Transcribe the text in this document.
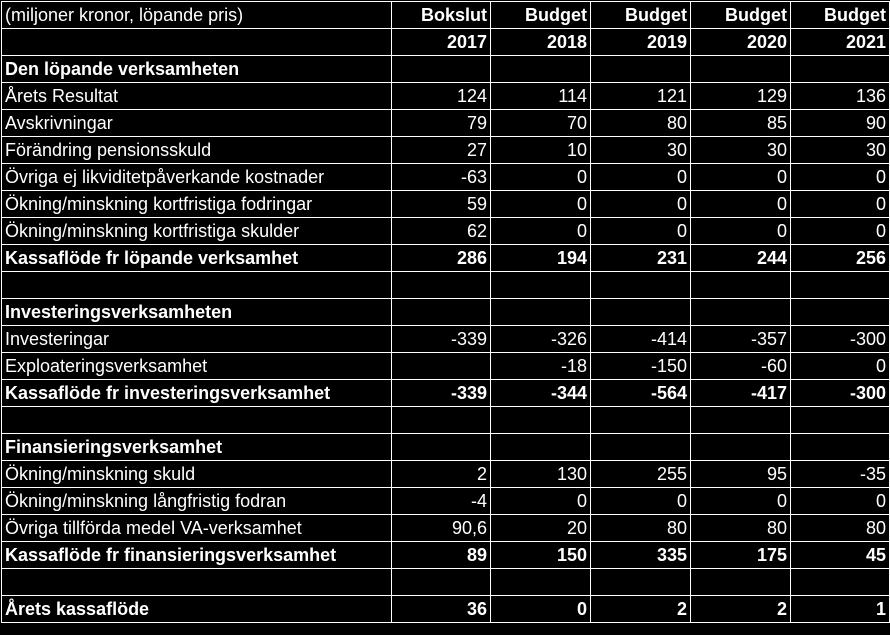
(miljoner kronor, löpande pris)	Bokslut	Budget	Budget	Budget	Budget
	2017	2018	2019	2020	2021
Den löpande verksamheten					
Årets Resultat	124	114	121	129	136
Avskrivningar	79	70	80	85	90
Förändring pensionsskuld	27	10	30	30	30
Övriga ej likviditetpåverkande kostnader	-63	0	0	0	0
Ökning/minskning kortfristiga fodringar	59	0	0	0	0
Ökning/minskning kortfristiga skulder	62	0	0	0	0
Kassaflöde fr löpande verksamhet	286	194	231	244	256

Investeringsverksamheten					
Investeringar	-339	-326	-414	-357	-300
Exploateringsverksamhet		-18	-150	-60	0
Kassaflöde fr investeringsverksamhet	-339	-344	-564	-417	-300

Finansieringsverksamhet					
Ökning/minskning skuld	2	130	255	95	-35
Ökning/minskning långfristig fodran	-4	0	0	0	0
Övriga tillförda medel VA-verksamhet	90,6	20	80	80	80
Kassaflöde fr finansieringsverksamhet	89	150	335	175	45

Årets kassaflöde	36	0	2	2	1
